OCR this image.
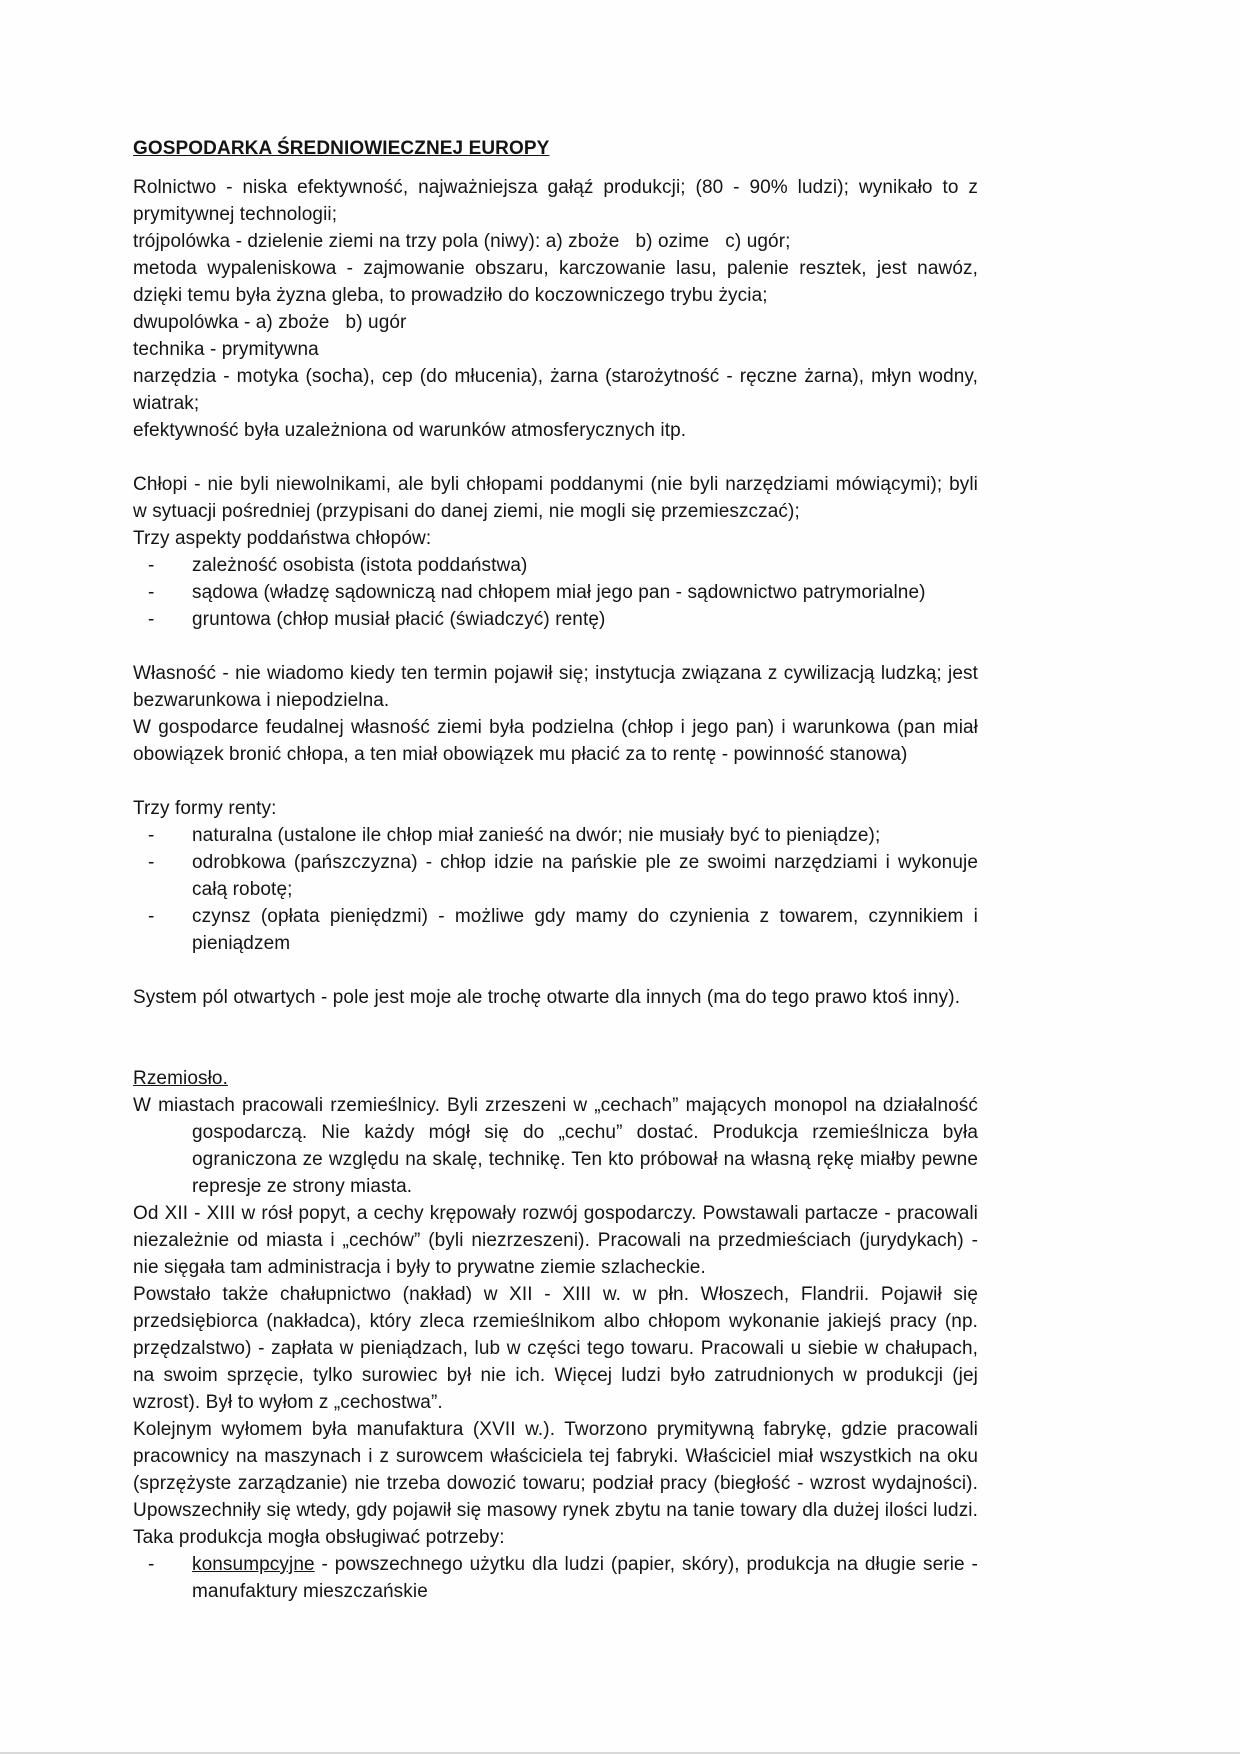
GOSPODARKA ŚREDNIOWIECZNEJ EUROPY

Rolnictwo - niska efektywność, najważniejsza gałąź produkcji; (80 - 90% ludzi); wynikało to z prymitywnej technologii;

trójpolówka - dzielenie ziemi na trzy pola (niwy): a) zboże   b) ozime   c) ugór;

metoda wypaleniskowa - zajmowanie obszaru, karczowanie lasu, palenie resztek, jest nawóz, dzięki temu była żyzna gleba, to prowadziło do koczowniczego trybu życia;

dwupolówka - a) zboże   b) ugór

technika - prymitywna

narzędzia - motyka (socha), cep (do młucenia), żarna (starożytność - ręczne żarna), młyn wodny, wiatrak;

efektywność była uzależniona od warunków atmosferycznych itp.

Chłopi - nie byli niewolnikami, ale byli chłopami poddanymi (nie byli narzędziami mówiącymi); byli w sytuacji pośredniej (przypisani do danej ziemi, nie mogli się przemieszczać);

Trzy aspekty poddaństwa chłopów:

-	zależność osobista (istota poddaństwa)
-	sądowa (władzę sądowniczą nad chłopem miał jego pan - sądownictwo patrymorialne)
-	gruntowa (chłop musiał płacić (świadczyć) rentę)

Własność - nie wiadomo kiedy ten termin pojawił się; instytucja związana z cywilizacją ludzką; jest bezwarunkowa i niepodzielna.

W gospodarce feudalnej własność ziemi była podzielna (chłop i jego pan) i warunkowa (pan miał obowiązek bronić chłopa, a ten miał obowiązek mu płacić za to rentę - powinność stanowa)

Trzy formy renty:

-	naturalna (ustalone ile chłop miał zanieść na dwór; nie musiały być to pieniądze);
-	odrobkowa (pańszczyzna) - chłop idzie na pańskie ple ze swoimi narzędziami i wykonuje całą robotę;
-	czynsz (opłata pieniędzmi) - możliwe gdy mamy do czynienia z towarem, czynnikiem i pieniądzem

System pól otwartych - pole jest moje ale trochę otwarte dla innych (ma do tego prawo ktoś inny).

Rzemiosło.

W miastach pracowali rzemieślnicy. Byli zrzeszeni w „cechach” mających monopol na działalność gospodarczą. Nie każdy mógł się do „cechu” dostać. Produkcja rzemieślnicza była ograniczona ze względu na skalę, technikę. Ten kto próbował na własną rękę miałby pewne represje ze strony miasta.

Od XII - XIII w rósł popyt, a cechy krępowały rozwój gospodarczy. Powstawali partacze - pracowali niezależnie od miasta i „cechów” (byli niezrzeszeni). Pracowali na przedmieściach (jurydykach) - nie sięgała tam administracja i były to prywatne ziemie szlacheckie.

Powstało także chałupnictwo (nakład) w XII - XIII w. w płn. Włoszech, Flandrii. Pojawił się przedsiębiorca (nakładca), który zleca rzemieślnikom albo chłopom wykonanie jakiejś pracy (np. przędzalstwo) - zapłata w pieniądzach, lub w części tego towaru. Pracowali u siebie w chałupach, na swoim sprzęcie, tylko surowiec był nie ich. Więcej ludzi było zatrudnionych w produkcji (jej wzrost). Był to wyłom z „cechostwa”.

Kolejnym wyłomem była manufaktura (XVII w.). Tworzono prymitywną fabrykę, gdzie pracowali pracownicy na maszynach i z surowcem właściciela tej fabryki. Właściciel miał wszystkich na oku (sprzężyste zarządzanie) nie trzeba dowozić towaru; podział pracy (biegłość - wzrost wydajności). Upowszechniły się wtedy, gdy pojawił się masowy rynek zbytu na tanie towary dla dużej ilości ludzi. Taka produkcja mogła obsługiwać potrzeby:

-	konsumpcyjne - powszechnego użytku dla ludzi (papier, skóry), produkcja na długie serie - manufaktury mieszczańskie
